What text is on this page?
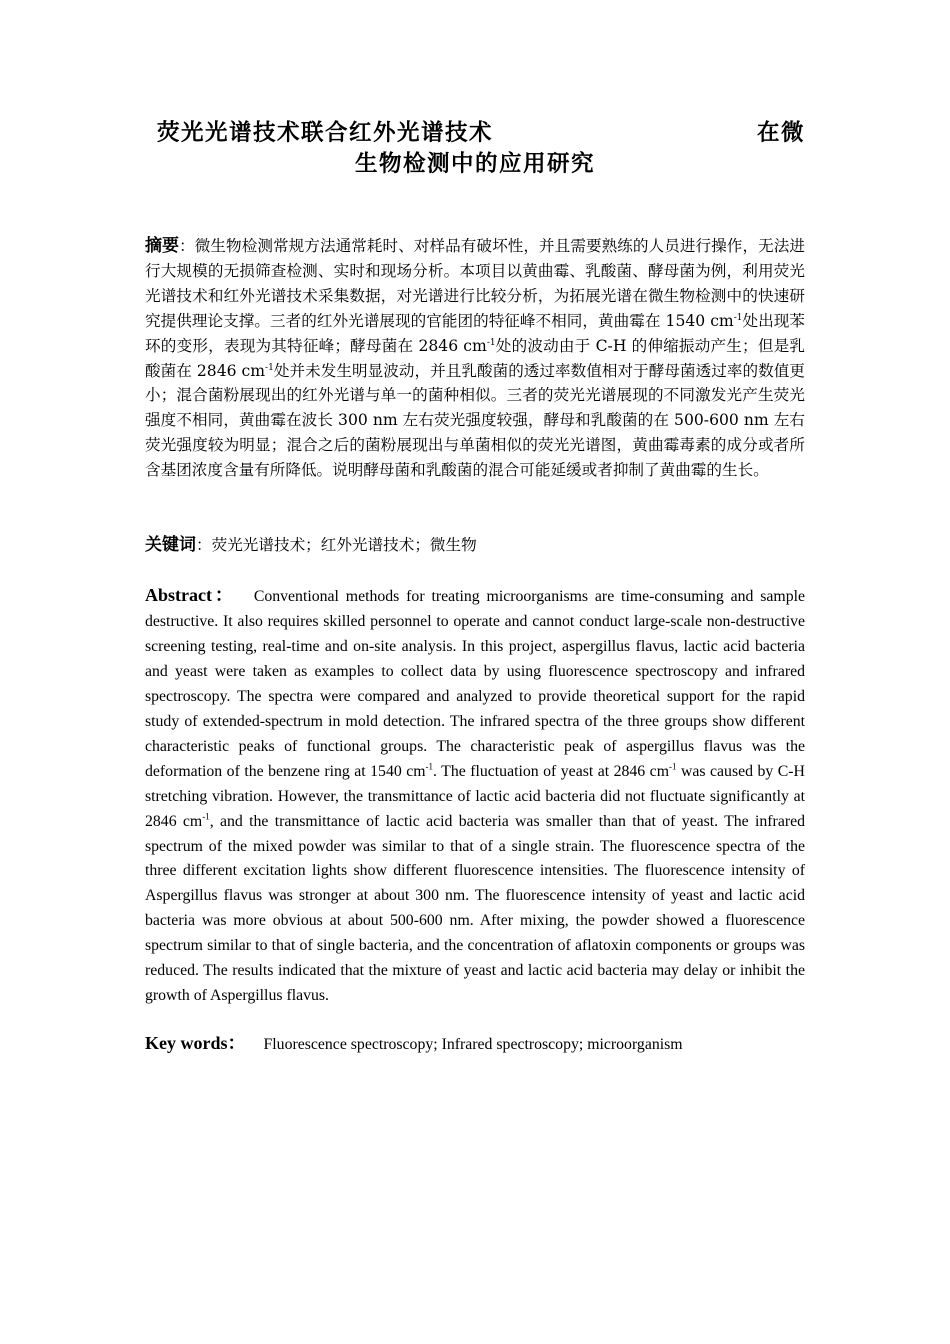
荧光光谱技术联合红外光谱技术	在微
生物检测中的应用研究
摘要：微生物检测常规方法通常耗时、对样品有破坏性，并且需要熟练的人员进行操作，无法进行大规模的无损筛查检测、实时和现场分析。本项目以黄曲霉、乳酸菌、酵母菌为例，利用荧光光谱技术和红外光谱技术采集数据，对光谱进行比较分析，为拓展光谱在微生物检测中的快速研究提供理论支撑。三者的红外光谱展现的官能团的特征峰不相同，黄曲霉在 1540 $cm^{-1}$处出现苯环的变形，表现为其特征峰；酵母菌在 2846 $cm^{-1}$处的波动由于 C-H 的伸缩振动产生；但是乳酸菌在 2846 $cm^{-1}$处并未发生明显波动，并且乳酸菌的透过率数值相对于酵母菌透过率的数值更小；混合菌粉展现出的红外光谱与单一的菌种相似。三者的荧光光谱展现的不同激发光产生荧光强度不相同，黄曲霉在波长 300 nm 左右荧光强度较强，酵母和乳酸菌的在 500-600 nm 左右荧光强度较为明显；混合之后的菌粉展现出与单菌相似的荧光光谱图，黄曲霉毒素的成分或者所含基团浓度含量有所降低。说明酵母菌和乳酸菌的混合可能延缓或者抑制了黄曲霉的生长。
关键词：荧光光谱技术；红外光谱技术；微生物
Abstract： Conventional methods for treating microorganisms are time-consuming and sample destructive. It also requires skilled personnel to operate and cannot conduct large-scale non-destructive screening testing, real-time and on-site analysis. In this project, aspergillus flavus, lactic acid bacteria and yeast were taken as examples to collect data by using fluorescence spectroscopy and infrared spectroscopy. The spectra were compared and analyzed to provide theoretical support for the rapid study of extended-spectrum in mold detection. The infrared spectra of the three groups show different characteristic peaks of functional groups. The characteristic peak of aspergillus flavus was the deformation of the benzene ring at 1540 $cm^{-1}$. The fluctuation of yeast at 2846 $cm^{-1}$ was caused by C-H stretching vibration. However, the transmittance of lactic acid bacteria did not fluctuate significantly at 2846 $cm^{-1}$, and the transmittance of lactic acid bacteria was smaller than that of yeast. The infrared spectrum of the mixed powder was similar to that of a single strain. The fluorescence spectra of the three different excitation lights show different fluorescence intensities. The fluorescence intensity of Aspergillus flavus was stronger at about 300 nm. The fluorescence intensity of yeast and lactic acid bacteria was more obvious at about 500-600 nm. After mixing, the powder showed a fluorescence spectrum similar to that of single bacteria, and the concentration of aflatoxin components or groups was reduced. The results indicated that the mixture of yeast and lactic acid bacteria may delay or inhibit the growth of Aspergillus flavus.
Key words： Fluorescence spectroscopy; Infrared spectroscopy; microorganism
